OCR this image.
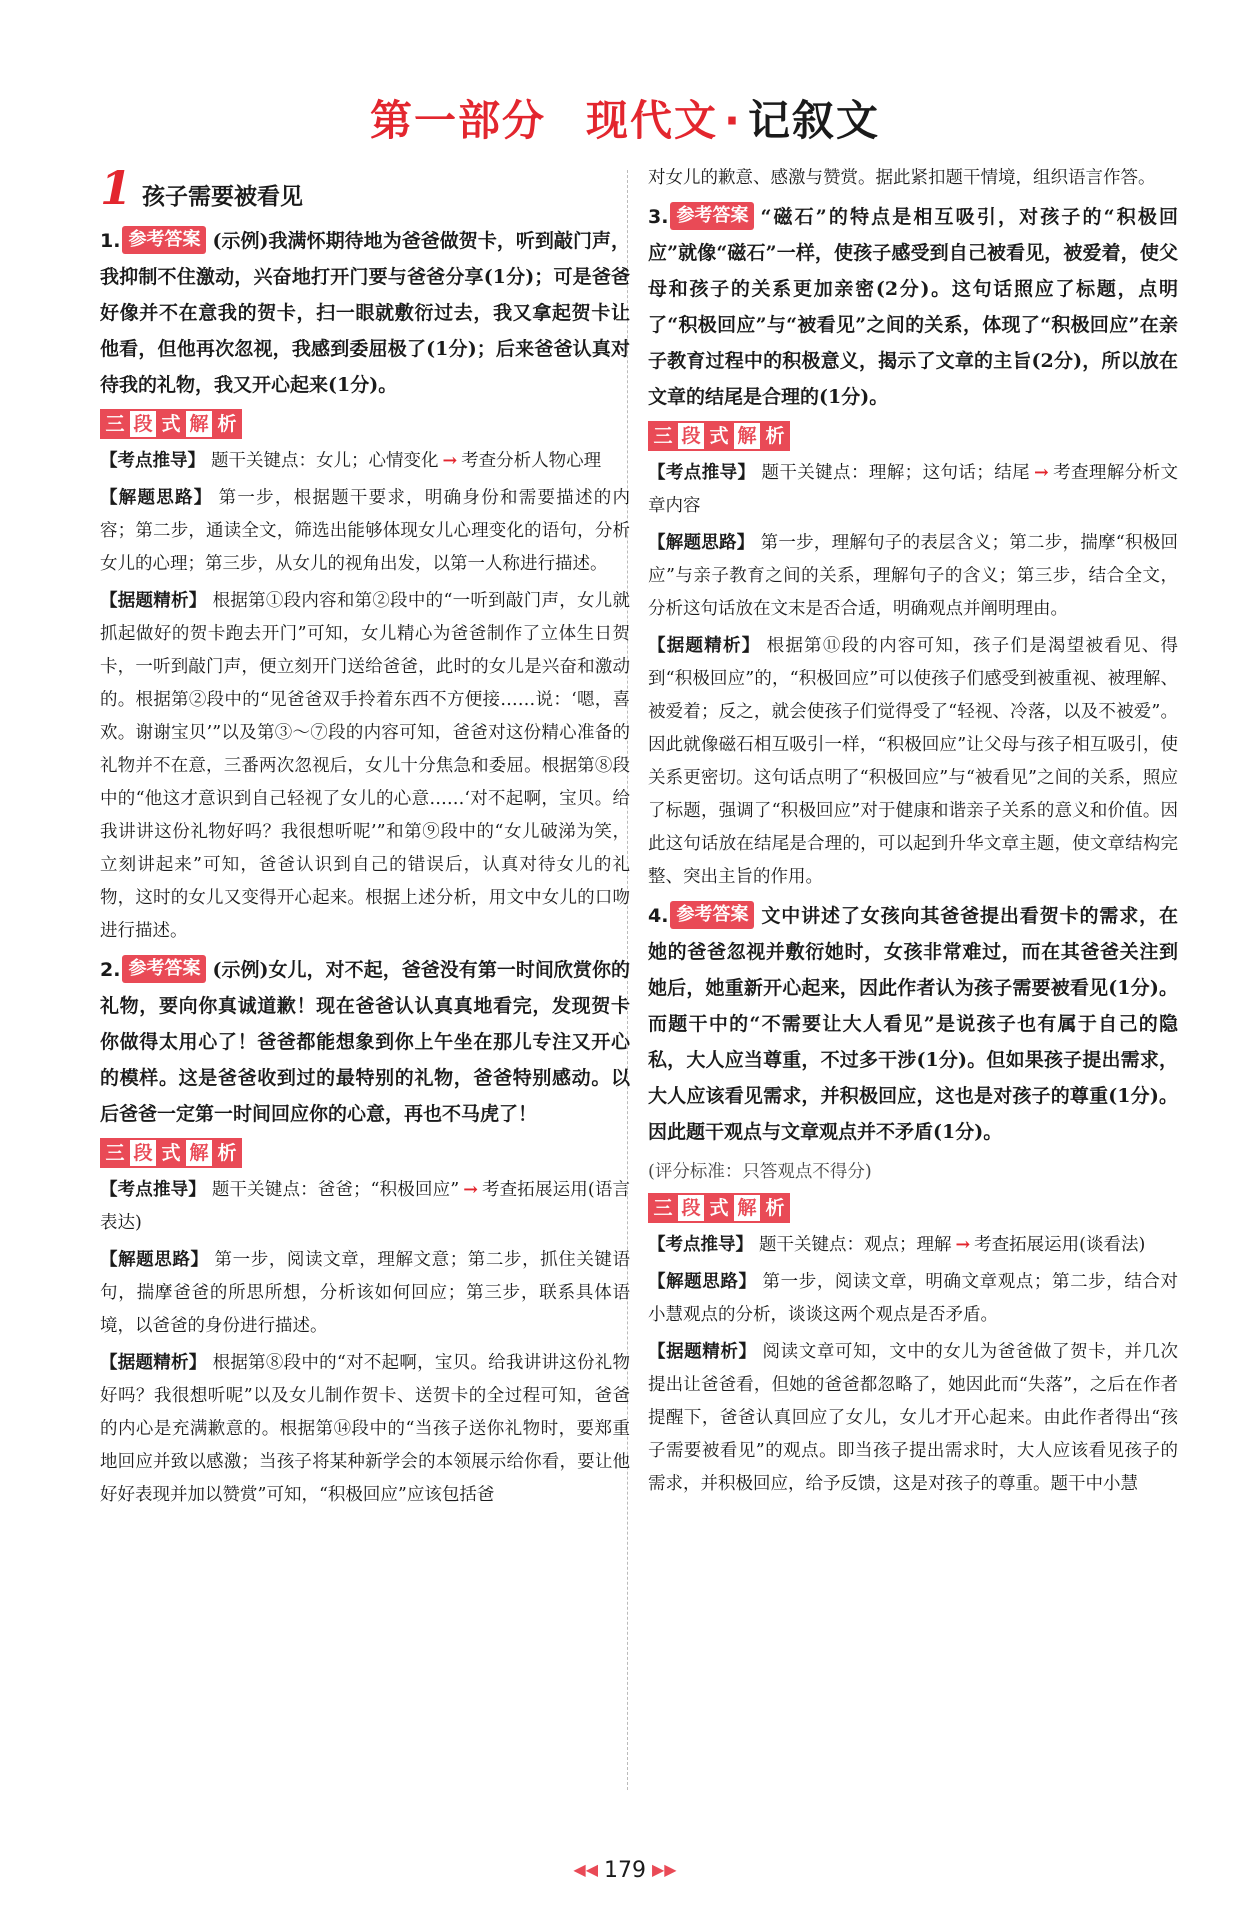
第一部分 现代文 · 记叙文
1 孩子需要被看见
1. 参考答案 (示例)我满怀期待地为爸爸做贺卡，听到敲门声，我抑制不住激动，兴奋地打开门要与爸爸分享(1分)；可是爸爸好像并不在意我的贺卡，扫一眼就敷衍过去，我又拿起贺卡让他看，但他再次忽视，我感到委屈极了(1分)；后来爸爸认真对待我的礼物，我又开心起来(1分)。
三 段 式 解 析
【考点推导】 题干关键点：女儿；心情变化 → 考查分析人物心理
【解题思路】 第一步，根据题干要求，明确身份和需要描述的内容；第二步，通读全文，筛选出能够体现女儿心理变化的语句，分析女儿的心理；第三步，从女儿的视角出发，以第一人称进行描述。
【据题精析】 根据第①段内容和第②段中的“一听到敲门声，女儿就抓起做好的贺卡跑去开门”可知，女儿精心为爸爸制作了立体生日贺卡，一听到敲门声，便立刻开门送给爸爸，此时的女儿是兴奋和激动的。根据第②段中的“见爸爸双手拎着东西不方便接……说：‘嗯，喜欢。谢谢宝贝’”以及第③～⑦段的内容可知，爸爸对这份精心准备的礼物并不在意，三番两次忽视后，女儿十分焦急和委屈。根据第⑧段中的“他这才意识到自己轻视了女儿的心意……‘对不起啊，宝贝。给我讲讲这份礼物好吗？我很想听呢’”和第⑨段中的“女儿破涕为笑，立刻讲起来”可知，爸爸认识到自己的错误后，认真对待女儿的礼物，这时的女儿又变得开心起来。根据上述分析，用文中女儿的口吻进行描述。
2. 参考答案 (示例)女儿，对不起，爸爸没有第一时间欣赏你的礼物，要向你真诚道歉！现在爸爸认认真真地看完，发现贺卡你做得太用心了！爸爸都能想象到你上午坐在那儿专注又开心的模样。这是爸爸收到过的最特别的礼物，爸爸特别感动。以后爸爸一定第一时间回应你的心意，再也不马虎了！
三 段 式 解 析
【考点推导】 题干关键点：爸爸；“积极回应” → 考查拓展运用(语言表达)
【解题思路】 第一步，阅读文章，理解文意；第二步，抓住关键语句，揣摩爸爸的所思所想，分析该如何回应；第三步，联系具体语境，以爸爸的身份进行描述。
【据题精析】 根据第⑧段中的“对不起啊，宝贝。给我讲讲这份礼物好吗？我很想听呢”以及女儿制作贺卡、送贺卡的全过程可知，爸爸的内心是充满歉意的。根据第⑭段中的“当孩子送你礼物时，要郑重地回应并致以感激；当孩子将某种新学会的本领展示给你看，要让他好好表现并加以赞赏”可知，“积极回应”应该包括爸
对女儿的歉意、感激与赞赏。据此紧扣题干情境，组织语言作答。
3. 参考答案 “磁石”的特点是相互吸引，对孩子的“积极回应”就像“磁石”一样，使孩子感受到自己被看见，被爱着，使父母和孩子的关系更加亲密(2分)。这句话照应了标题，点明了“积极回应”与“被看见”之间的关系，体现了“积极回应”在亲子教育过程中的积极意义，揭示了文章的主旨(2分)，所以放在文章的结尾是合理的(1分)。
三 段 式 解 析
【考点推导】 题干关键点：理解；这句话；结尾 → 考查理解分析文章内容
【解题思路】 第一步，理解句子的表层含义；第二步，揣摩“积极回应”与亲子教育之间的关系，理解句子的含义；第三步，结合全文，分析这句话放在文末是否合适，明确观点并阐明理由。
【据题精析】 根据第⑪段的内容可知，孩子们是渴望被看见、得到“积极回应”的，“积极回应”可以使孩子们感受到被重视、被理解、被爱着；反之，就会使孩子们觉得受了“轻视、冷落，以及不被爱”。因此就像磁石相互吸引一样，“积极回应”让父母与孩子相互吸引，使关系更密切。这句话点明了“积极回应”与“被看见”之间的关系，照应了标题，强调了“积极回应”对于健康和谐亲子关系的意义和价值。因此这句话放在结尾是合理的，可以起到升华文章主题，使文章结构完整、突出主旨的作用。
4. 参考答案 文中讲述了女孩向其爸爸提出看贺卡的需求，在她的爸爸忽视并敷衍她时，女孩非常难过，而在其爸爸关注到她后，她重新开心起来，因此作者认为孩子需要被看见(1分)。而题干中的“不需要让大人看见”是说孩子也有属于自己的隐私，大人应当尊重，不过多干涉(1分)。但如果孩子提出需求，大人应该看见需求，并积极回应，这也是对孩子的尊重(1分)。因此题干观点与文章观点并不矛盾(1分)。
(评分标准：只答观点不得分)
三 段 式 解 析
【考点推导】 题干关键点：观点；理解 → 考查拓展运用(谈看法)
【解题思路】 第一步，阅读文章，明确文章观点；第二步，结合对小慧观点的分析，谈谈这两个观点是否矛盾。
【据题精析】 阅读文章可知，文中的女儿为爸爸做了贺卡，并几次提出让爸爸看，但她的爸爸都忽略了，她因此而“失落”，之后在作者提醒下，爸爸认真回应了女儿，女儿才开心起来。由此作者得出“孩子需要被看见”的观点。即当孩子提出需求时，大人应该看见孩子的需求，并积极回应，给予反馈，这是对孩子的尊重。题干中小慧
◀◀ 179 ▶▶
